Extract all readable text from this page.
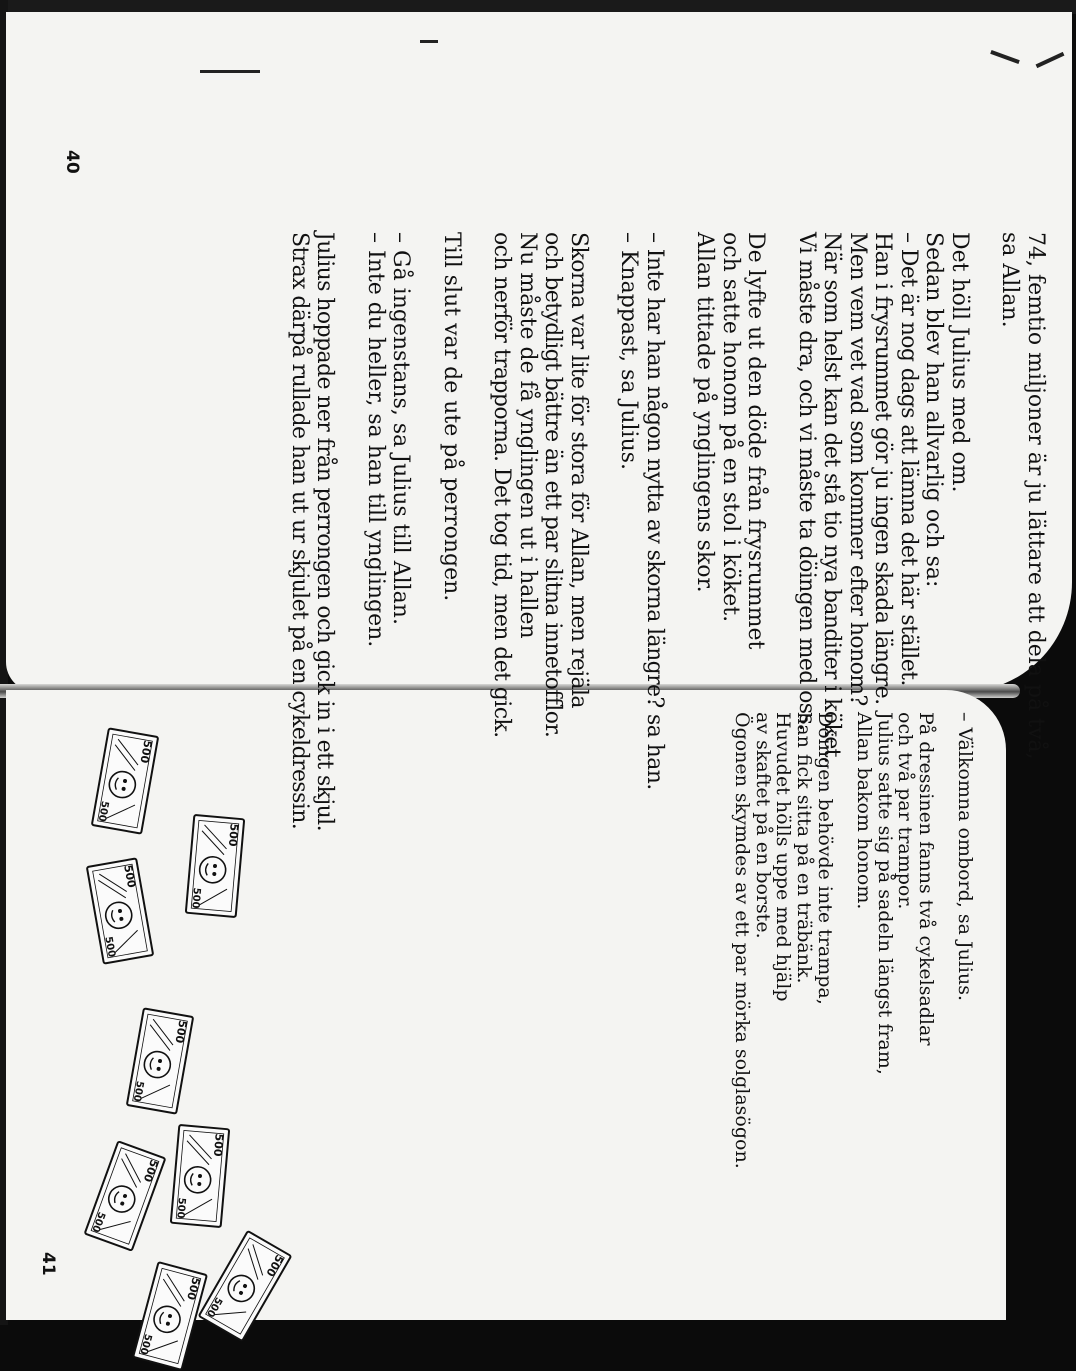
74, femtio miljoner är ju lättare att dela på två,
sa Allan.
Det höll Julius med om.
Sedan blev han allvarlig och sa:
– Det är nog dags att lämna det här stället.
Han i frysrummet gör ju ingen skada längre.
Men vem vet vad som kommer efter honom?
När som helst kan det stå tio nya banditer i köket.
Vi måste dra, och vi måste ta döingen med oss.
De lyfte ut den döde från frysrummet
och satte honom på en stol i köket.
Allan tittade på ynglingens skor.
– Inte har han någon nytta av skorna längre? sa han.
– Knappast, sa Julius.
Skorna var lite för stora för Allan, men rejäla
och betydligt bättre än ett par slitna innetofflor.
Nu måste de få ynglingen ut i hallen
och nerför trapporna. Det tog tid, men det gick.
Till slut var de ute på perrongen.
– Gå ingenstans, sa Julius till Allan.
– Inte du heller, sa han till ynglingen.
Julius hoppade ner från perrongen och gick in i ett skjul.
Strax därpå rullade han ut ur skjulet på en cykeldressin.
40
– Välkomna ombord, sa Julius.
På dressinen fanns två cykelsadlar
och två par trampor.
Julius satte sig på sadeln längst fram,
Allan bakom honom.
Döingen behövde inte trampa,
han fick sitta på en träbänk.
Huvudet hölls uppe med hjälp
av skaftet på en borste.
Ögonen skymdes av ett par mörka solglasögon.
41
500
500
500
500
500
500
500
500
500
500
500
500
500
500
500
500
